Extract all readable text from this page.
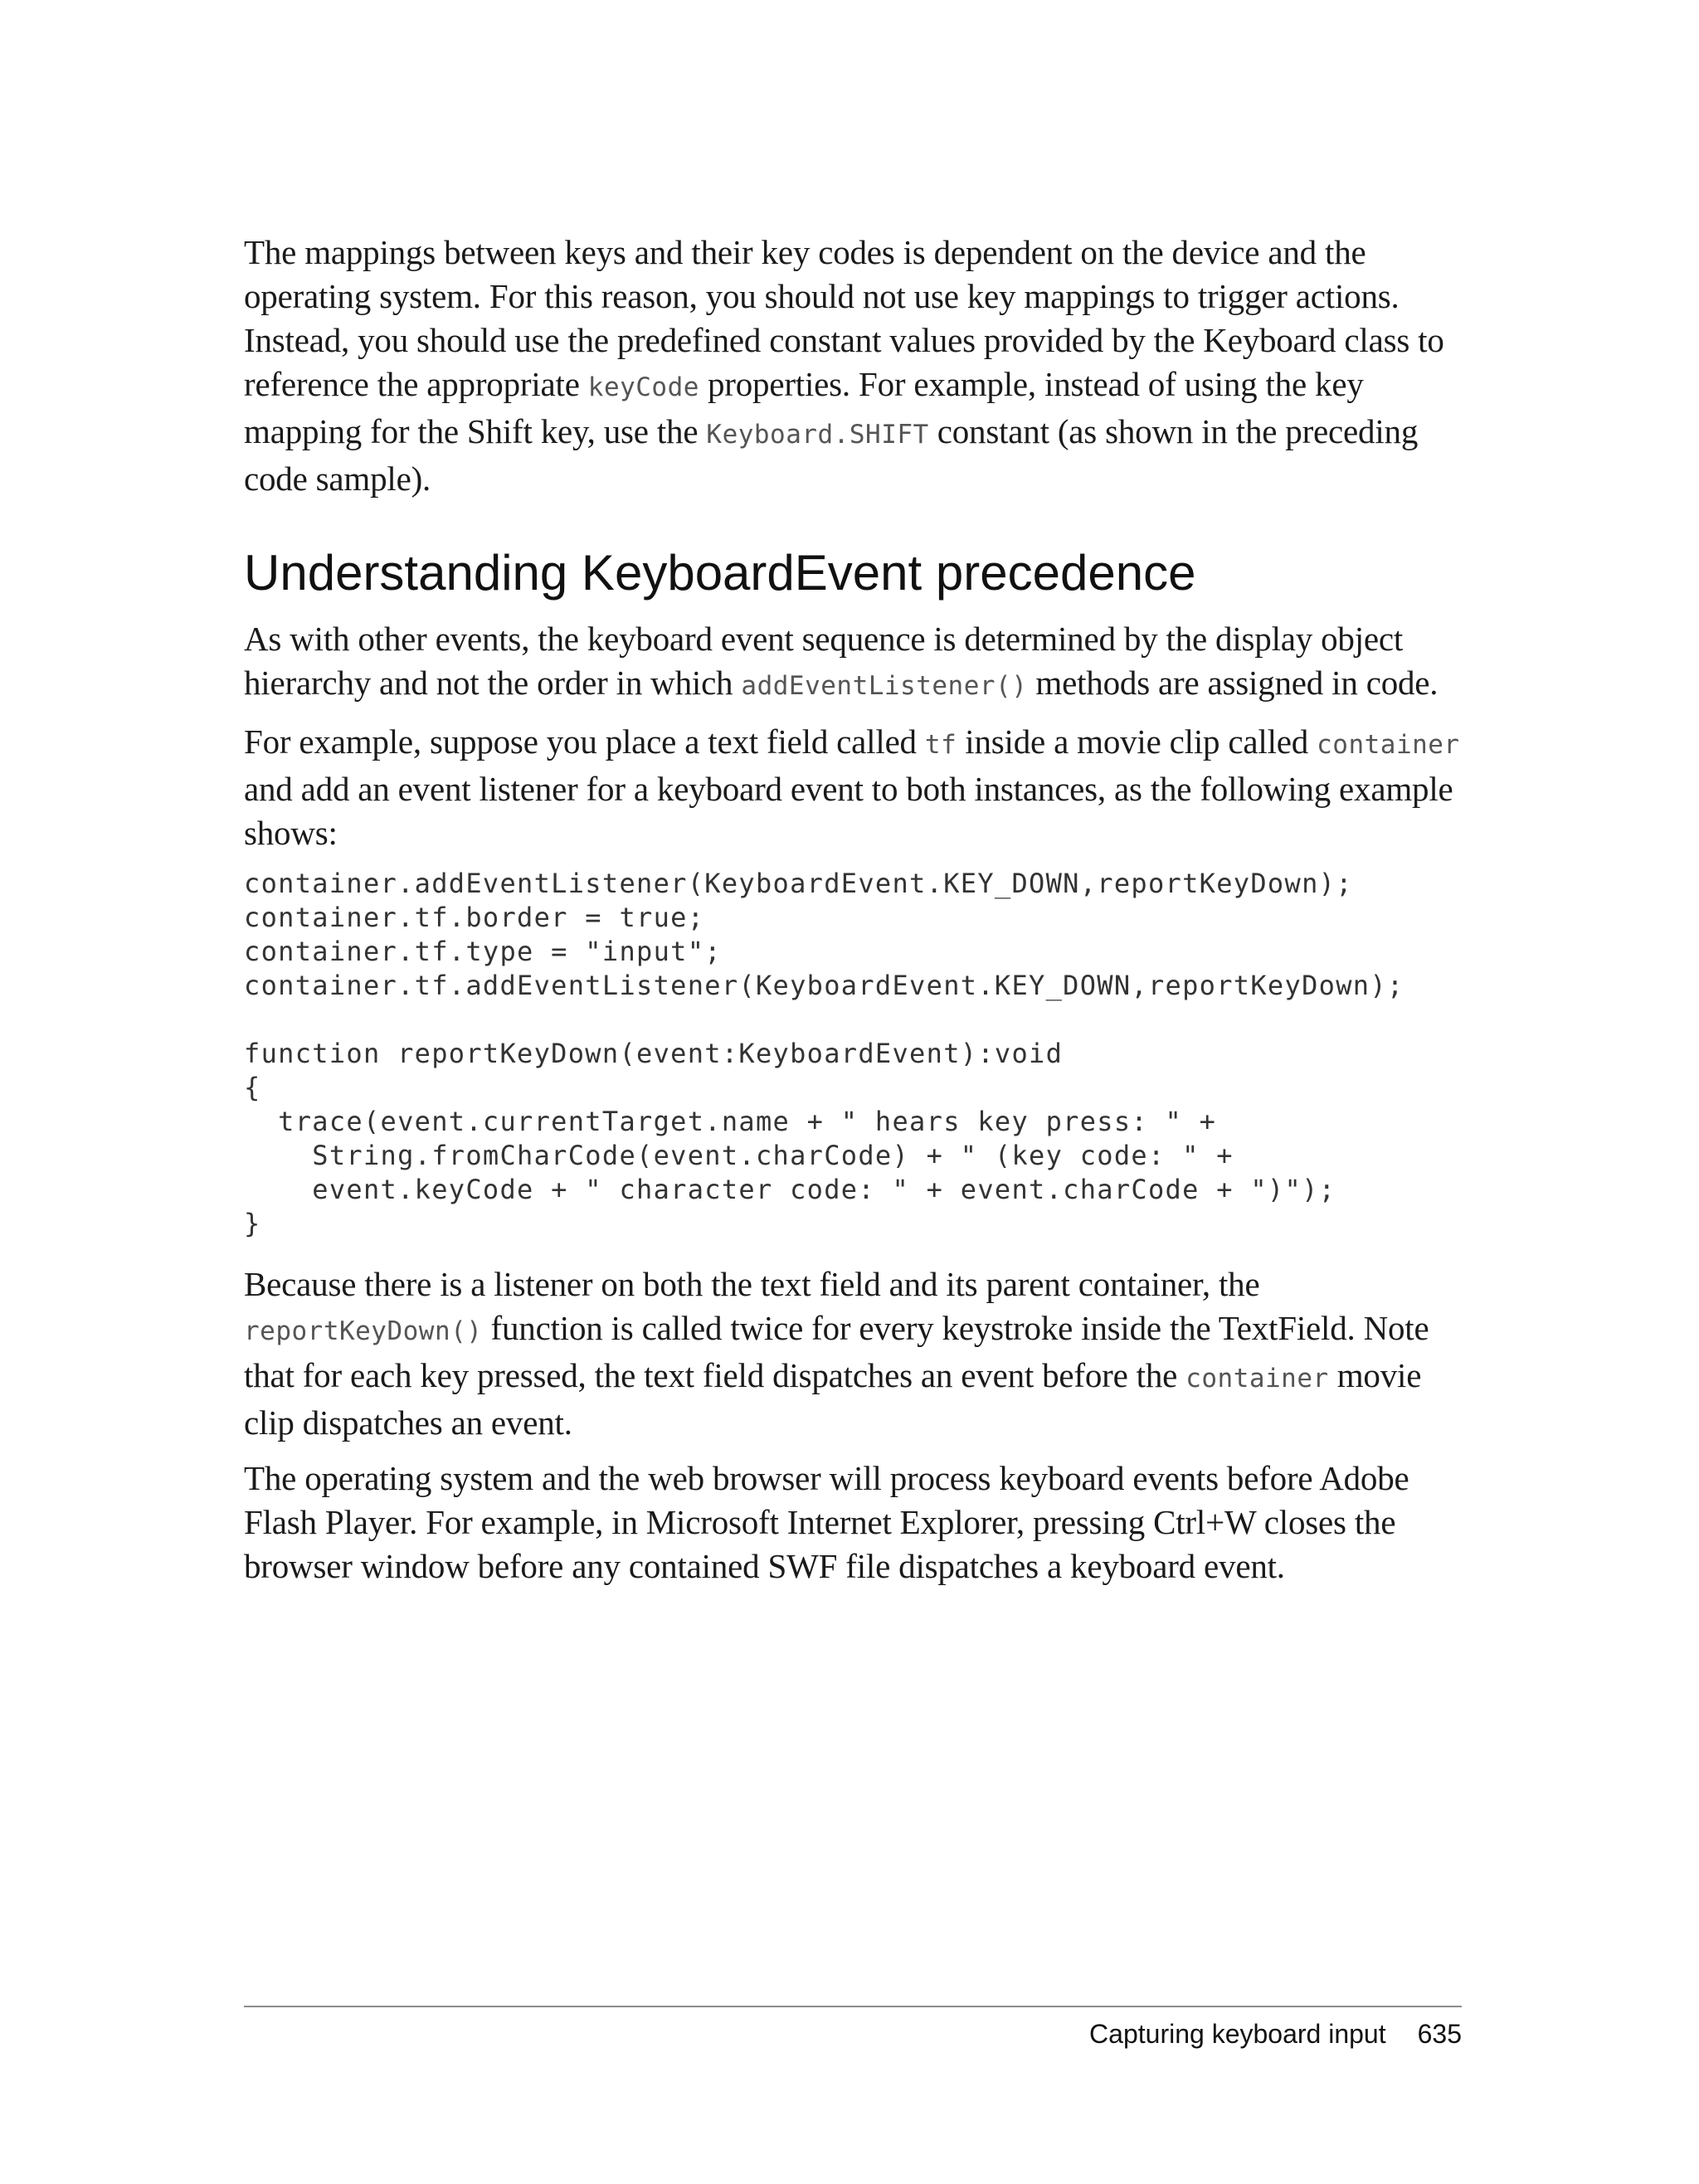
The mappings between keys and their key codes is dependent on the device and the operating system. For this reason, you should not use key mappings to trigger actions. Instead, you should use the predefined constant values provided by the Keyboard class to reference the appropriate keyCode properties. For example, instead of using the key mapping for the Shift key, use the Keyboard.SHIFT constant (as shown in the preceding code sample).

Understanding KeyboardEvent precedence

As with other events, the keyboard event sequence is determined by the display object hierarchy and not the order in which addEventListener() methods are assigned in code.

For example, suppose you place a text field called tf inside a movie clip called container and add an event listener for a keyboard event to both instances, as the following example shows:

container.addEventListener(KeyboardEvent.KEY_DOWN,reportKeyDown);
container.tf.border = true;
container.tf.type = "input";
container.tf.addEventListener(KeyboardEvent.KEY_DOWN,reportKeyDown);

function reportKeyDown(event:KeyboardEvent):void
{
trace(event.currentTarget.name + " hears key press: " +
String.fromCharCode(event.charCode) + " (key code: " +
event.keyCode + " character code: " + event.charCode + ")");
}

Because there is a listener on both the text field and its parent container, the reportKeyDown() function is called twice for every keystroke inside the TextField. Note that for each key pressed, the text field dispatches an event before the container movie clip dispatches an event.

The operating system and the web browser will process keyboard events before Adobe Flash Player. For example, in Microsoft Internet Explorer, pressing Ctrl+W closes the browser window before any contained SWF file dispatches a keyboard event.

Capturing keyboard input 635
